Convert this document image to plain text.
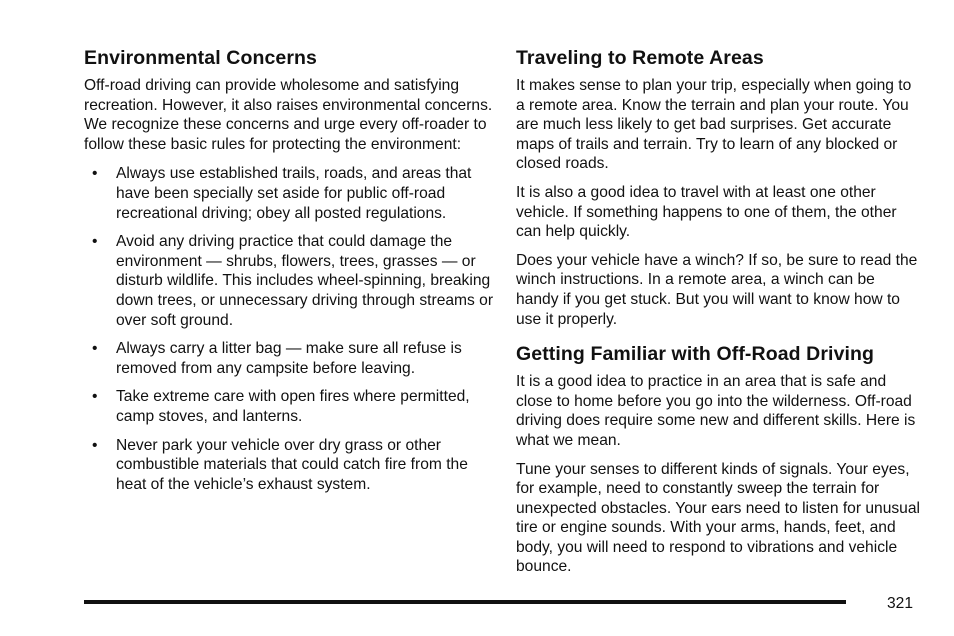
Environmental Concerns

Off-road driving can provide wholesome and satisfying recreation. However, it also raises environmental concerns. We recognize these concerns and urge every off-roader to follow these basic rules for protecting the environment:

• Always use established trails, roads, and areas that have been specially set aside for public off-road recreational driving; obey all posted regulations.
• Avoid any driving practice that could damage the environment — shrubs, flowers, trees, grasses — or disturb wildlife. This includes wheel-spinning, breaking down trees, or unnecessary driving through streams or over soft ground.
• Always carry a litter bag — make sure all refuse is removed from any campsite before leaving.
• Take extreme care with open fires where permitted, camp stoves, and lanterns.
• Never park your vehicle over dry grass or other combustible materials that could catch fire from the heat of the vehicle’s exhaust system.
Traveling to Remote Areas

It makes sense to plan your trip, especially when going to a remote area. Know the terrain and plan your route. You are much less likely to get bad surprises. Get accurate maps of trails and terrain. Try to learn of any blocked or closed roads.

It is also a good idea to travel with at least one other vehicle. If something happens to one of them, the other can help quickly.

Does your vehicle have a winch? If so, be sure to read the winch instructions. In a remote area, a winch can be handy if you get stuck. But you will want to know how to use it properly.

Getting Familiar with Off-Road Driving

It is a good idea to practice in an area that is safe and close to home before you go into the wilderness. Off-road driving does require some new and different skills. Here is what we mean.

Tune your senses to different kinds of signals. Your eyes, for example, need to constantly sweep the terrain for unexpected obstacles. Your ears need to listen for unusual tire or engine sounds. With your arms, hands, feet, and body, you will need to respond to vibrations and vehicle bounce.

321
